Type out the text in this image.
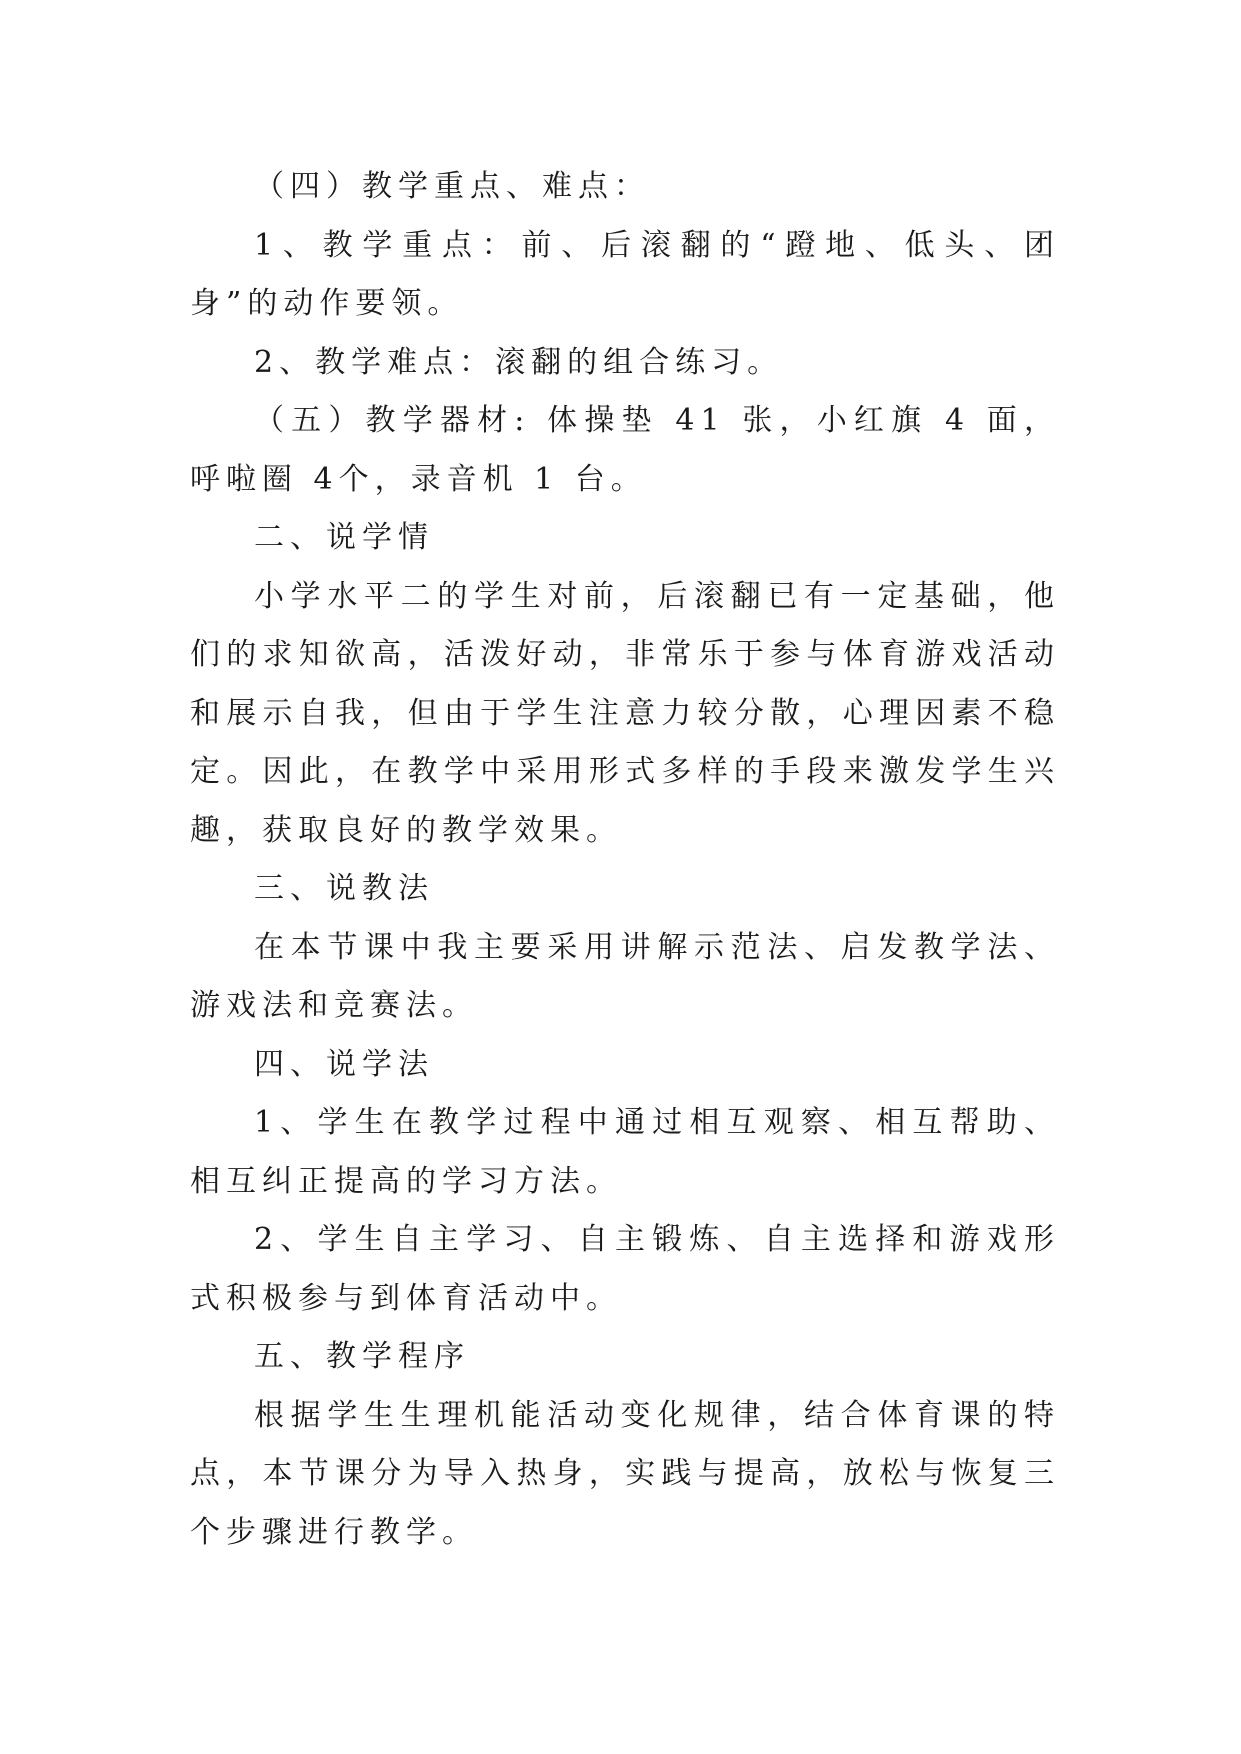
（四）教学重点、难点：

1、教学重点：前、后滚翻的“蹬地、低头、团身”的动作要领。

2、教学难点：滚翻的组合练习。

（五）教学器材: 体操垫 41 张，小红旗 4 面，呼啦圈 4个，录音机 1 台。

二、说学情

小学水平二的学生对前，后滚翻已有一定基础，他们的求知欲高，活泼好动，非常乐于参与体育游戏活动和展示自我，但由于学生注意力较分散，心理因素不稳定。因此，在教学中采用形式多样的手段来激发学生兴趣，获取良好的教学效果。

三、说教法

在本节课中我主要采用讲解示范法、启发教学法、游戏法和竞赛法。

四、说学法

1、学生在教学过程中通过相互观察、相互帮助、相互纠正提高的学习方法。

2、学生自主学习、自主锻炼、自主选择和游戏形式积极参与到体育活动中。

五、教学程序

根据学生生理机能活动变化规律，结合体育课的特点，本节课分为导入热身，实践与提高，放松与恢复三个步骤进行教学。
